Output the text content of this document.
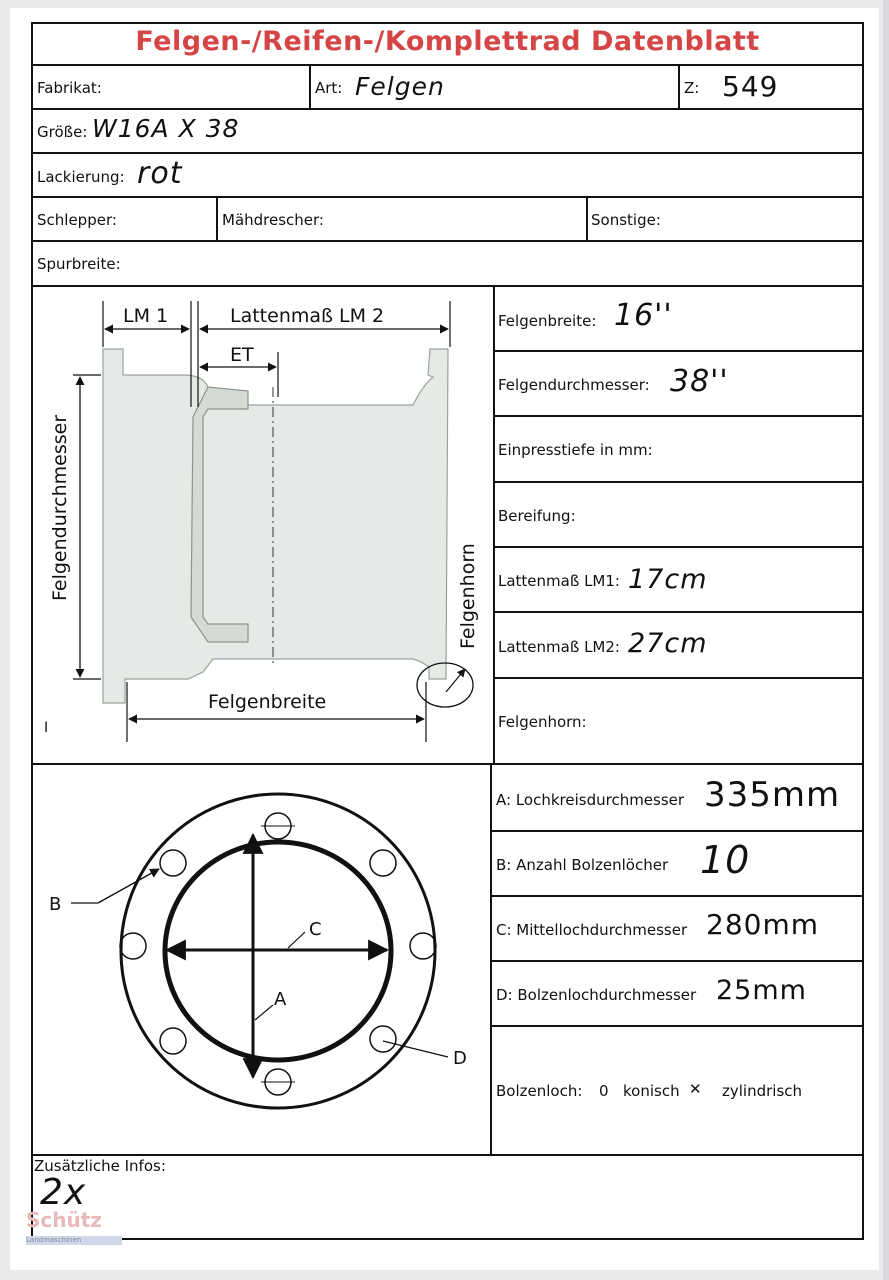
Felgen-/Reifen-/Komplettrad Datenblatt
Fabrikat:	Art: Felgen	Z: 549
Größe: W16A X 38
Lackierung: rot
Schlepper:	Mähdrescher:	Sonstige:
Spurbreite:
LM 1	Lattenmaß LM 2
ET
Felgendurchmesser
Felgenbreite
Felgenhorn
I
Felgenbreite: 16''
Felgendurchmesser: 38''
Einpresstiefe in mm:
Bereifung:
Lattenmaß LM1: 17cm
Lattenmaß LM2: 27cm
Felgenhorn:
A
C
B
D
A: Lochkreisdurchmesser 335mm
B: Anzahl Bolzenlöcher 10
C: Mittellochdurchmesser 280mm
D: Bolzenlochdurchmesser 25mm
Bolzenloch: 0 konisch ✕ zylindrisch
Zusätzliche Infos:
2x
Schütz
Landmaschinen
